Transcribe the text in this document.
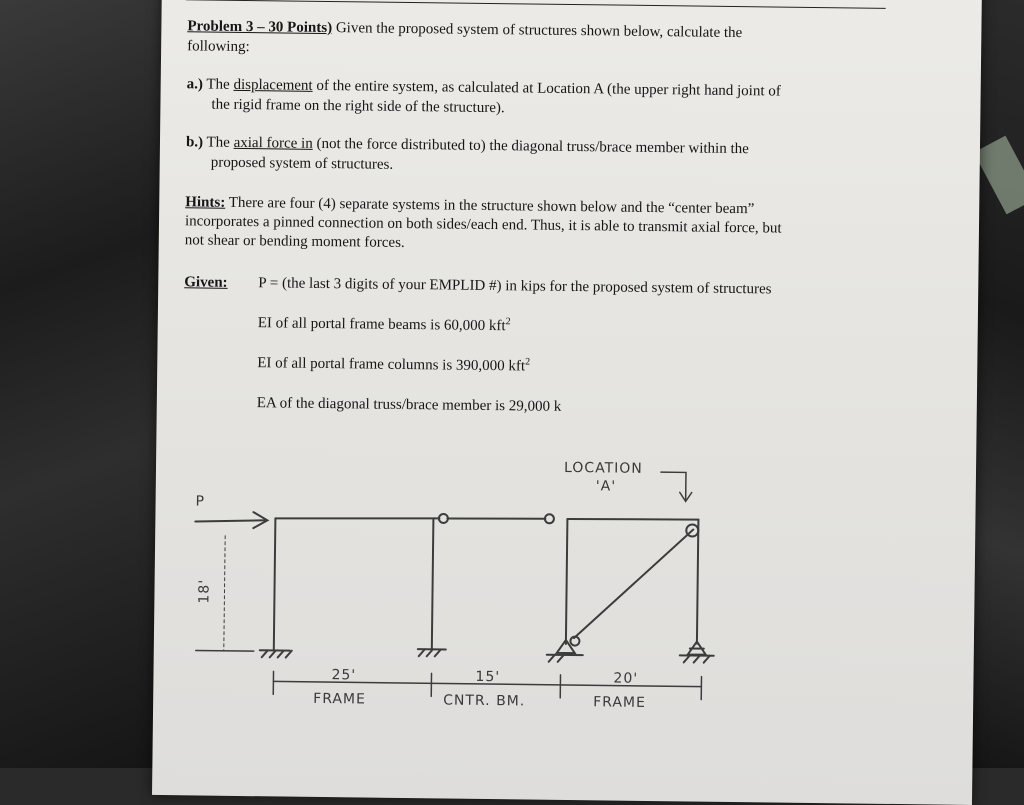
Problem 3 – 30 Points) Given the proposed system of structures shown below, calculate the
following:
a.) The displacement of the entire system, as calculated at Location A (the upper right hand joint of
the rigid frame on the right side of the structure).
b.) The axial force in (not the force distributed to) the diagonal truss/brace member within the
proposed system of structures.
Hints: There are four (4) separate systems in the structure shown below and the “center beam”
incorporates a pinned connection on both sides/each end. Thus, it is able to transmit axial force, but
not shear or bending moment forces.
Given: P = (the last 3 digits of your EMPLID #) in kips for the proposed system of structures
EI of all portal frame beams is 60,000 kft$^2$
EI of all portal frame columns is 390,000 kft$^2$
EA of the diagonal truss/brace member is 29,000 k
P
18'
LOCATION
'A'
25'
FRAME
15'
CNTR. BM.
20'
FRAME
